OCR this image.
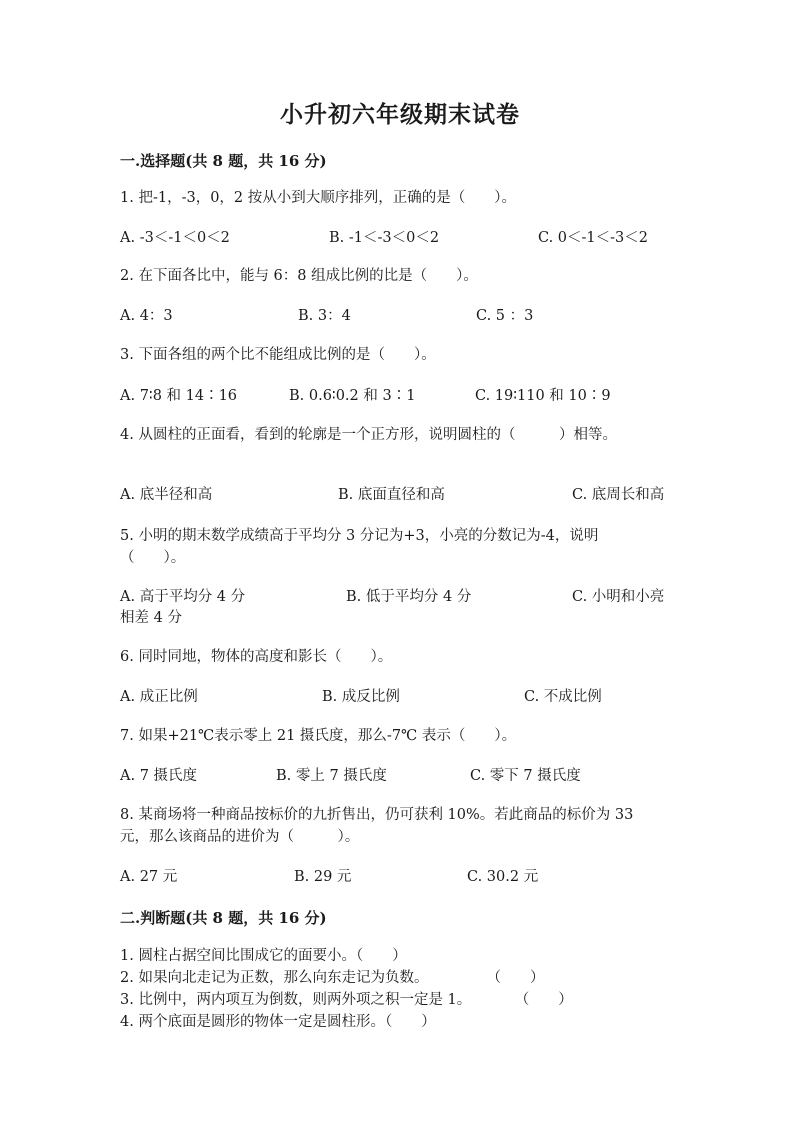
小升初六年级期末试卷
一.选择题(共 8 题，共 16 分)
1. 把-1，-3，0，2 按从小到大顺序排列，正确的是（　　）。
A. -3＜-1＜0＜2	B. -1＜-3＜0＜2	C. 0＜-1＜-3＜2
2. 在下面各比中，能与 6：8 组成比例的比是（　　）。
A. 4：3	B. 3：4	C. 5 ：3
3. 下面各组的两个比不能组成比例的是（　　）。
A. 7∶8 和 14∶16	B. 0.6∶0.2 和 3∶1	C. 19∶110 和 10∶9
4. 从圆柱的正面看，看到的轮廓是一个正方形，说明圆柱的（　　　）相等。
A. 底半径和高	B. 底面直径和高	C. 底周长和高
5. 小明的期末数学成绩高于平均分 3 分记为+3，小亮的分数记为-4，说明
（　　）。
A. 高于平均分 4 分	B. 低于平均分 4 分	C. 小明和小亮
相差 4 分
6. 同时同地，物体的高度和影长（　　）。
A. 成正比例	B. 成反比例	C. 不成比例
7. 如果+21℃表示零上 21 摄氏度，那么-7℃ 表示（　　）。
A. 7 摄氏度	B. 零上 7 摄氏度	C. 零下 7 摄氏度
8. 某商场将一种商品按标价的九折售出，仍可获利 10%。若此商品的标价为 33
元，那么该商品的进价为（　　　）。
A. 27 元	B. 29 元	C. 30.2 元
二.判断题(共 8 题，共 16 分)
1. 圆柱占据空间比围成它的面要小。（　　）
2. 如果向北走记为正数，那么向东走记为负数。　　　　　（　　）
3. 比例中，两内项互为倒数，则两外项之积一定是 1。　　　　（　　）
4. 两个底面是圆形的物体一定是圆柱形。（　　）
